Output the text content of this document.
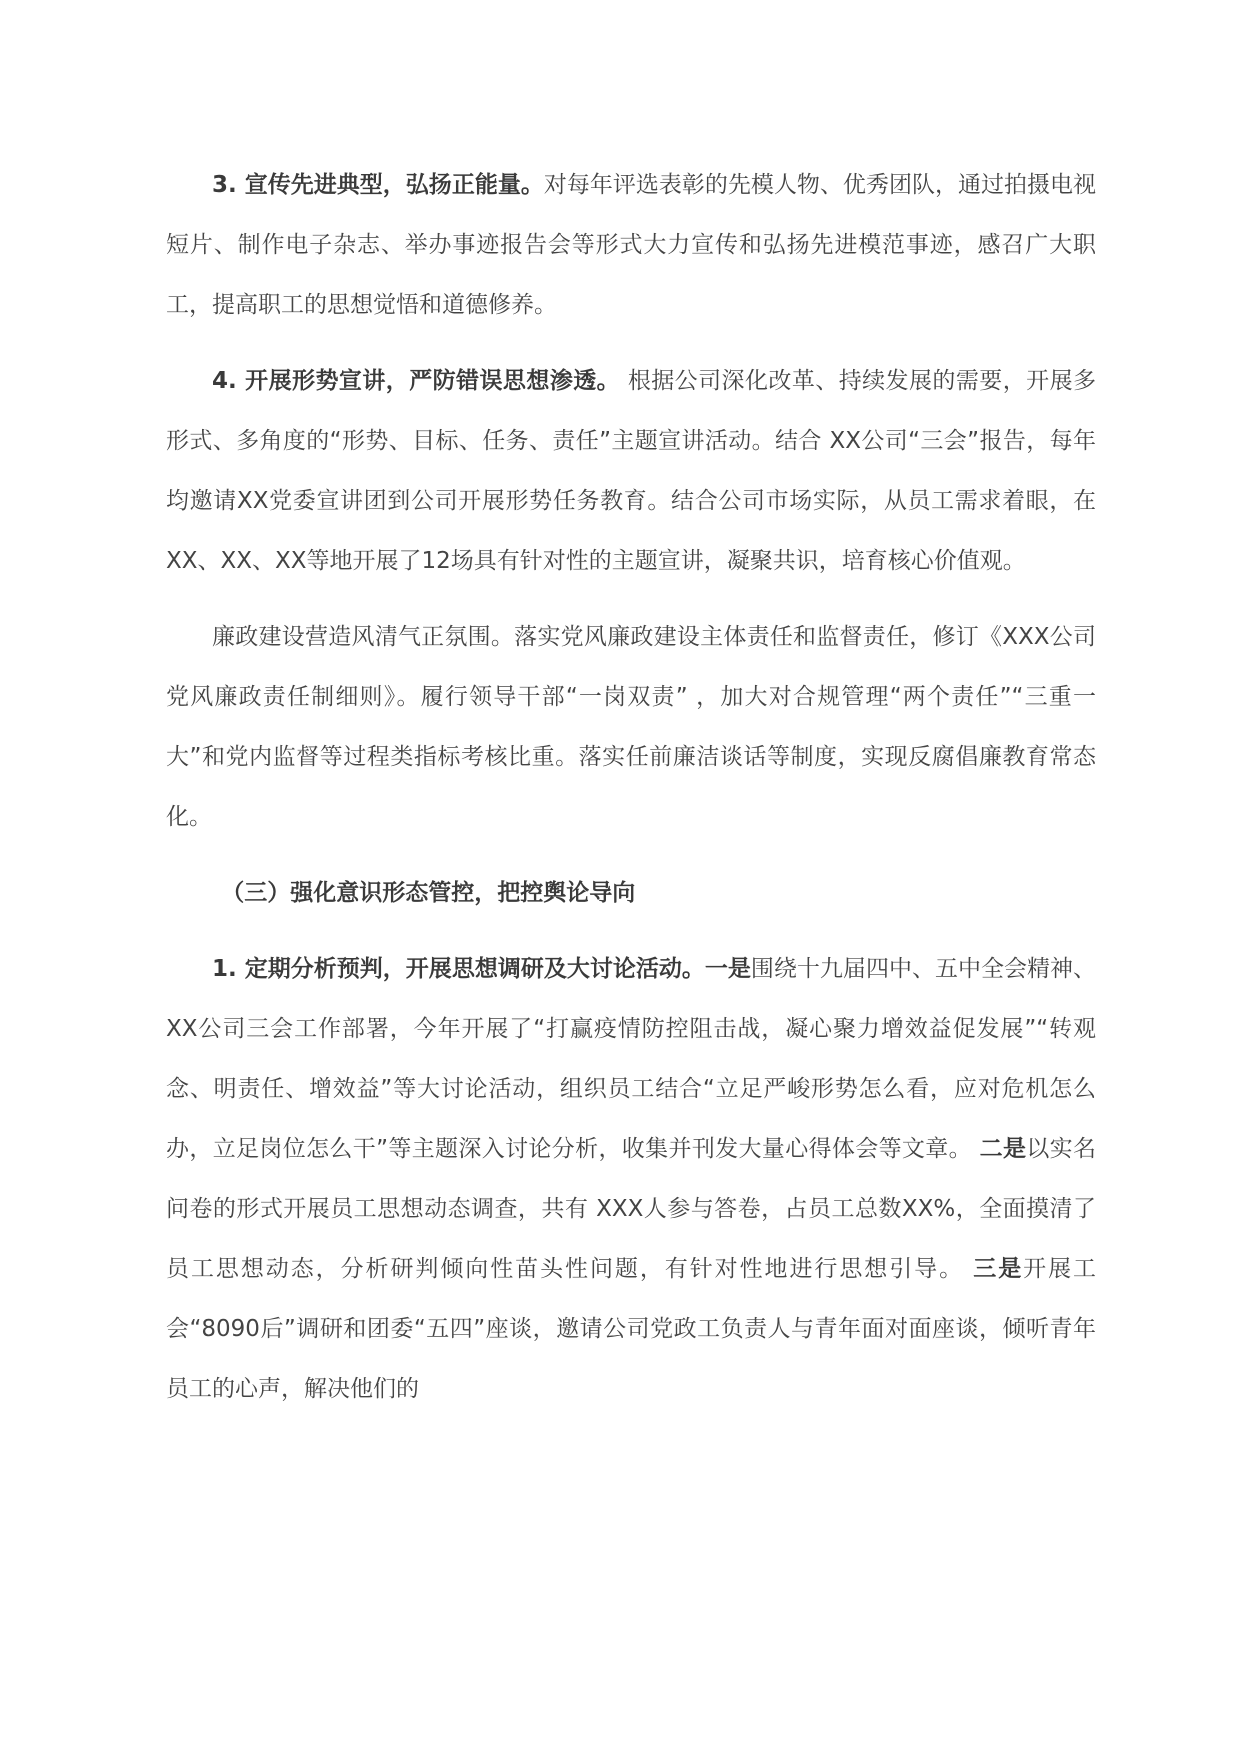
3. 宣传先进典型，弘扬正能量。对每年评选表彰的先模人物、优秀团队，通过拍摄电视短片、制作电子杂志、举办事迹报告会等形式大力宣传和弘扬先进模范事迹，感召广大职工，提高职工的思想觉悟和道德修养。

4. 开展形势宣讲，严防错误思想渗透。 根据公司深化改革、持续发展的需要，开展多形式、多角度的“形势、目标、任务、责任”主题宣讲活动。结合 XX公司“三会”报告，每年均邀请XX党委宣讲团到公司开展形势任务教育。结合公司市场实际，从员工需求着眼，在XX、XX、XX等地开展了12场具有针对性的主题宣讲，凝聚共识，培育核心价值观。

廉政建设营造风清气正氛围。落实党风廉政建设主体责任和监督责任，修订《XXX公司党风廉政责任制细则》。履行领导干部“一岗双责” ，加大对合规管理“两个责任”“三重一大”和党内监督等过程类指标考核比重。落实任前廉洁谈话等制度，实现反腐倡廉教育常态化。

（三）强化意识形态管控，把控舆论导向

1. 定期分析预判，开展思想调研及大讨论活动。一是围绕十九届四中、五中全会精神、XX公司三会工作部署，今年开展了“打赢疫情防控阻击战，凝心聚力增效益促发展”“转观念、明责任、增效益”等大讨论活动，组织员工结合“立足严峻形势怎么看，应对危机怎么办，立足岗位怎么干”等主题深入讨论分析，收集并刊发大量心得体会等文章。 二是以实名问卷的形式开展员工思想动态调查，共有 XXX人参与答卷，占员工总数XX%，全面摸清了员工思想动态，分析研判倾向性苗头性问题，有针对性地进行思想引导。 三是开展工会“8090后”调研和团委“五四”座谈，邀请公司党政工负责人与青年面对面座谈，倾听青年员工的心声，解决他们的
